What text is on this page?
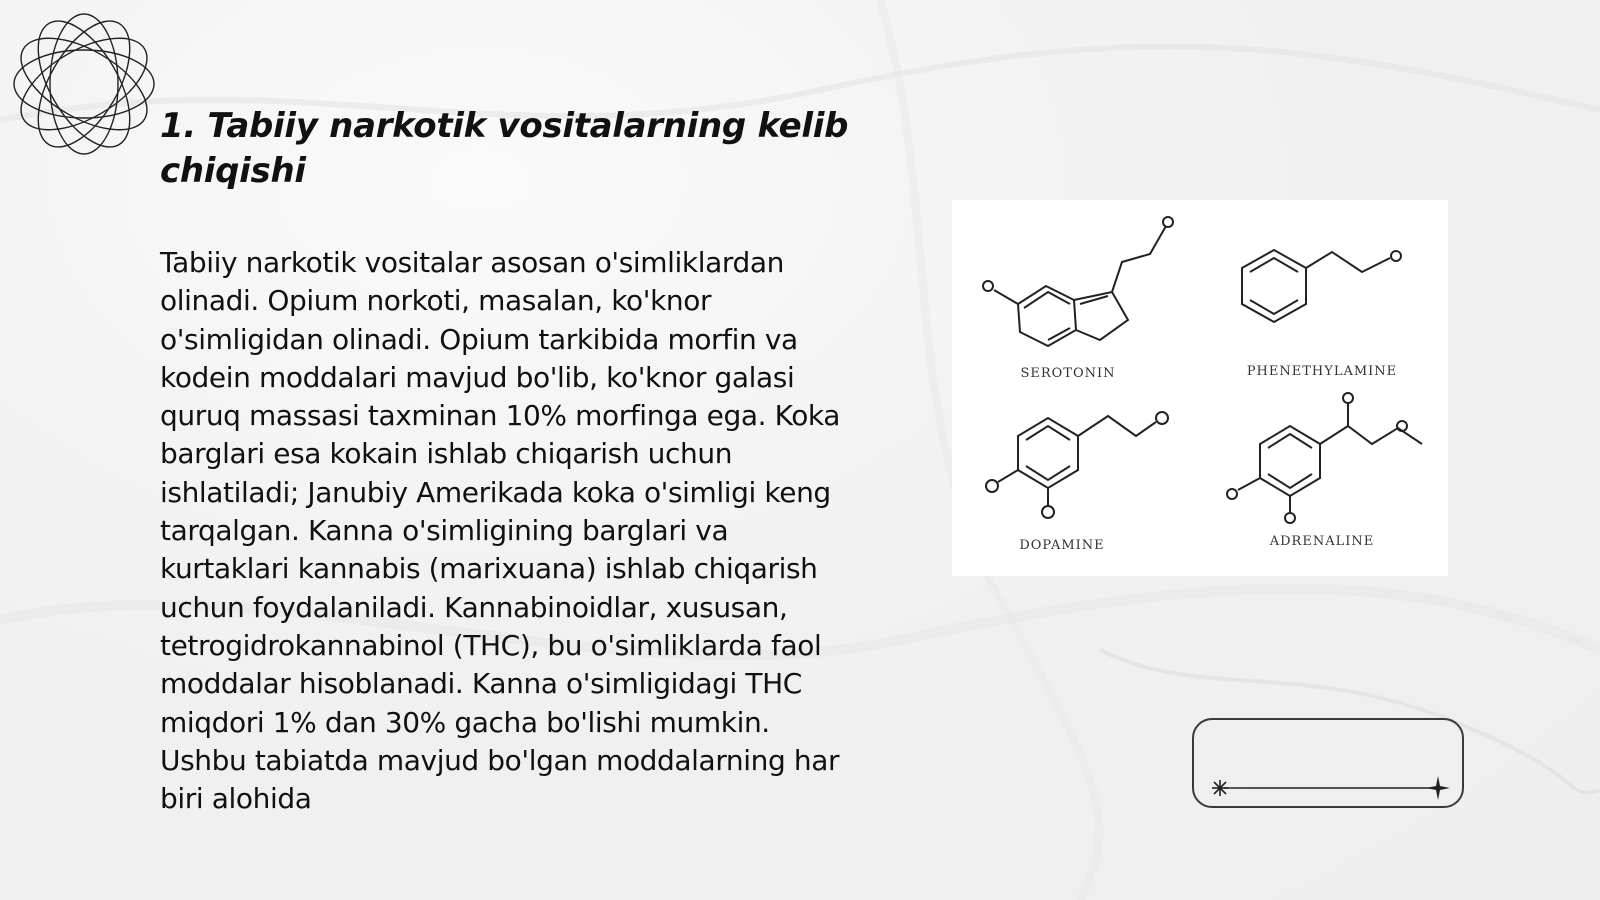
1. Tabiiy narkotik vositalarning kelib chiqishi

Tabiiy narkotik vositalar asosan o'simliklardan olinadi. Opium norkoti, masalan, ko'knor o'simligidan olinadi. Opium tarkibida morfin va kodein moddalari mavjud bo'lib, ko'knor galasi quruq massasi taxminan 10% morfinga ega. Koka barglari esa kokain ishlab chiqarish uchun ishlatiladi; Janubiy Amerikada koka o'simligi keng tarqalgan. Kanna o'simligining barglari va kurtaklari kannabis (marixuana) ishlab chiqarish uchun foydalaniladi. Kannabinoidlar, xususan, tetrogidrokannabinol (THC), bu o'simliklarda faol moddalar hisoblanadi. Kanna o'simligidagi THC miqdori 1% dan 30% gacha bo'lishi mumkin. Ushbu tabiatda mavjud bo'lgan moddalarning har biri alohida

SEROTONIN	PHENETHYLAMINE
DOPAMINE	ADRENALINE
